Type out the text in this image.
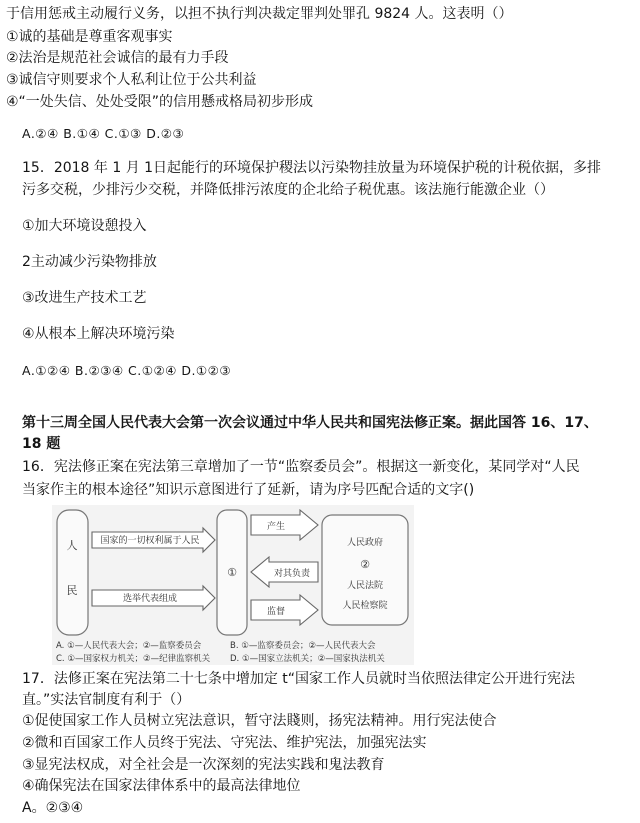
于信用惩戒主动履行义务，以担不执行判决裁定罪判处罪孔 9824 人。这表明（）
①诚的基础是尊重客观事实
②法治是规范社会诚信的最有力手段
③诚信守则要求个人私利让位于公共利益
④“一处失信、处处受限”的信用懸戒格局初步形成
A.②④ B.①④ C.①③ D.②③
15．2018 年 1 月 1日起能行的环境保护稷法以污染物挂放量为环境保护税的计税依据，多排
污多交税，少排污少交税，并降低排污浓度的企北给子税优惠。该法施行能激企业（）
①加大环境设憩投入
2主动减少污染物排放
③改进生产技术工艺
④从根本上解决环境污染
A.①②④ B.②③④ C.①②④ D.①②③
第十三周全国人民代表大会第一次会议通过中华人民共和国宪法修正案。据此国答 16、17、
18 题
16．宪法修正案在宪法第三章增加了一节“监察委员会”。根据这一新变化，某同学对“人民
当家作主的根本途径”知识示意图进行了延新，请为序号匹配合适的文字()
人
民
国家的一切权利属于人民
选举代表组成
①
产生
对其负责
监督
人民政府
②
人民法院
人民检察院
A. ①—人民代表大会；②—监察委员会	B. ①—监察委员会；②—人民代表大会
C. ①—国家权力机关；②—纪律监察机关 D. ①—国家立法机关；②—国家执法机关
17．法修正案在宪法第二十七条中增加定 t“国家工作人员就时当依照法律定公开进行宪法
直。”实法官制度有利于（）
①促使国家工作人员树立宪法意识，暂守法賤则，扬宪法精神。用行宪法使合
②微和百国家工作人员终于宪法、守宪法、维护宪法，加强宪法实
③显宪法权成，对全社会是一次深刻的宪法实践和鬼法教育
④确保宪法在国家法律体系中的最高法律地位
A。②③④
